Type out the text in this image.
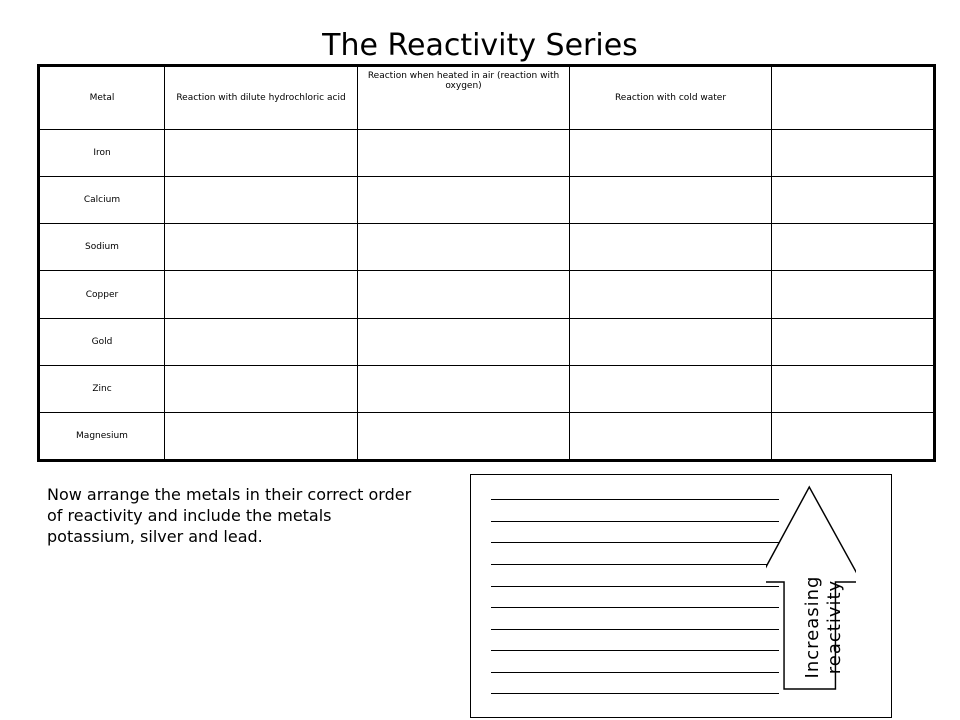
The Reactivity Series
Metal	Reaction with dilute hydrochloric acid	Reaction when heated in air (reaction with oxygen)	Reaction with cold water	
Iron				
Calcium				
Sodium				
Copper				
Gold				
Zinc				
Magnesium				
Now arrange the metals in their correct order of reactivity and include the metals potassium, silver and lead.
Increasing reactivity
